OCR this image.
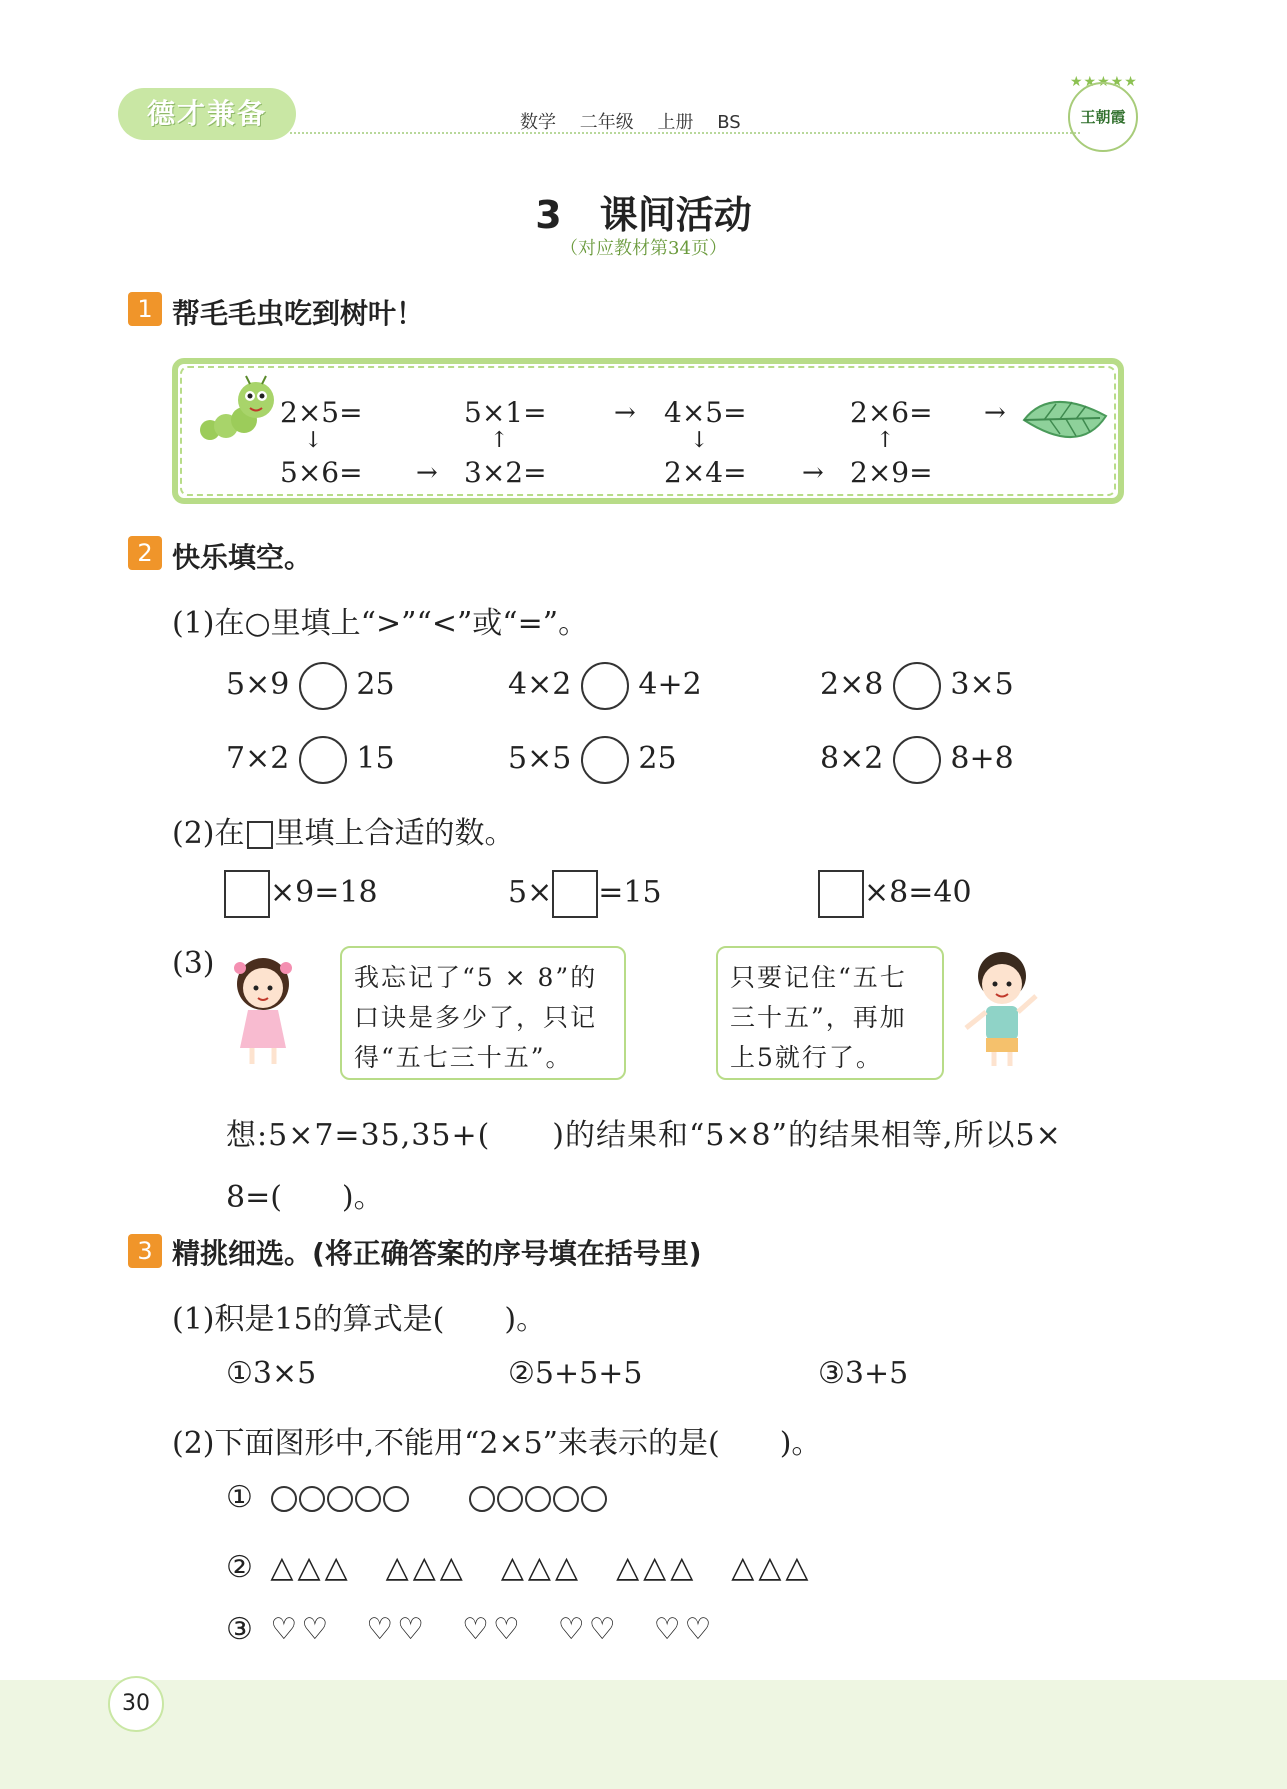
德才兼备	数学 二年级 上册 BS
★★★★★
王朝霞
3　课间活动
（对应教材第34页）
1 帮毛毛虫吃到树叶！
2×5=	5×1=	→ 4×5=	2×6= →
↓	↑	↓	↑
5×6= → 3×2=	2×4= → 2×9=
2 快乐填空。
(1)在○里填上“>”“<”或“=”。
5×9 25	4×2 4+2	2×8 3×5
7×2 15	5×5 25	8×2 8+8
(2)在 里填上合适的数。
×9=18	5× =15	×8=40
(3)	我忘记了“5 × 8”的
口诀是多少了，只记
得“五七三十五”。
只要记住“五七
三十五”，再加
上5就行了。
想:5×7=35,35+(　　)的结果和“5×8”的结果相等,所以5×
8=(　　)。
3 精挑细选。(将正确答案的序号填在括号里)
(1)积是15的算式是(　　)。
①3×5	②5+5+5	③3+5
(2)下面图形中,不能用“2×5”来表示的是(　　)。
①
② △△△　△△△　△△△　△△△　△△△
③ ♡♡　♡♡　♡♡　♡♡　♡♡
30
